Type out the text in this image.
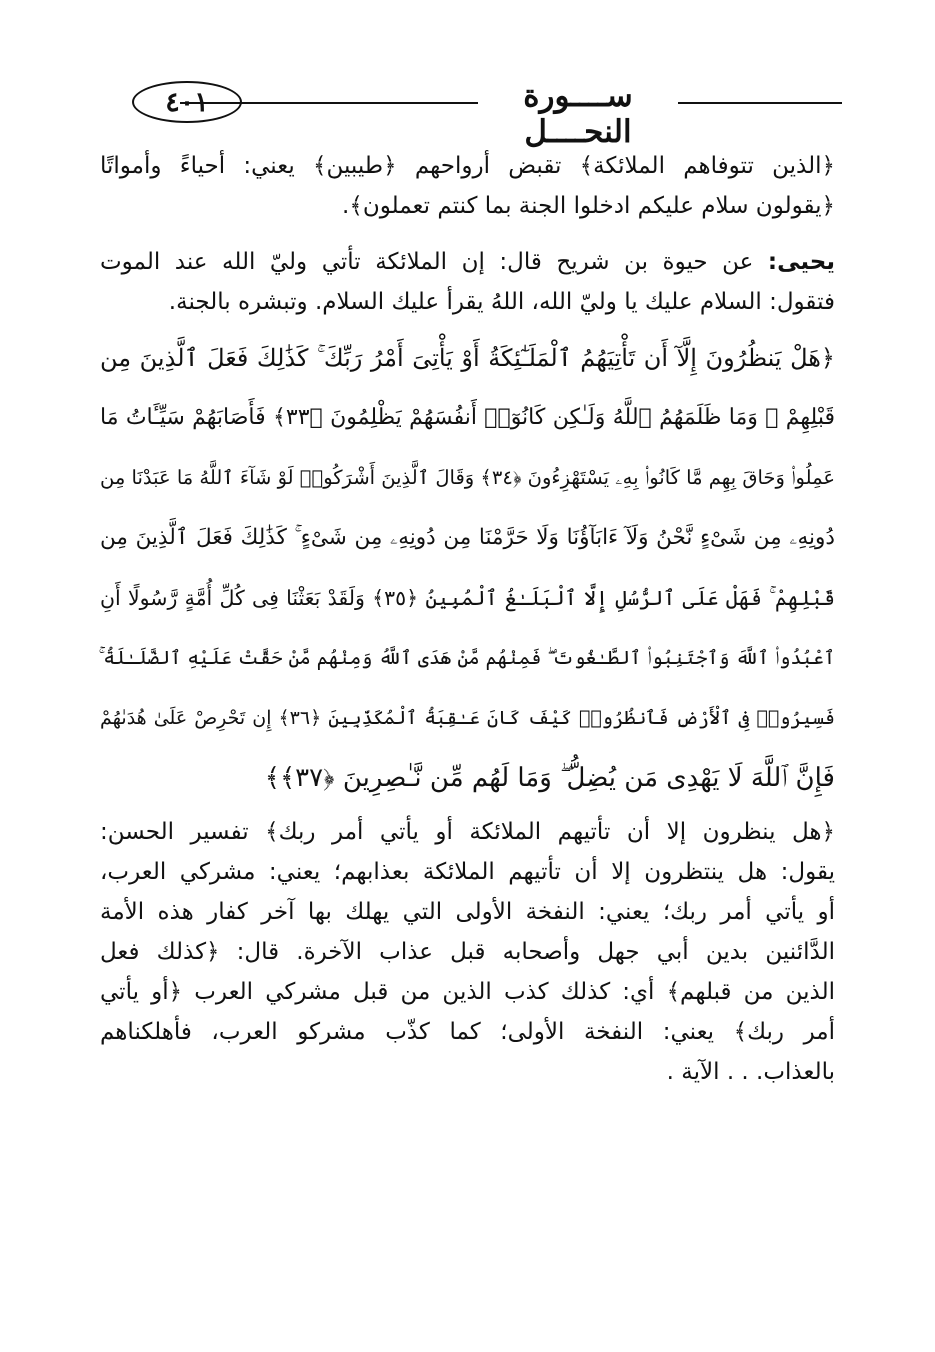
٤٠١	ســــورة النحــــل
﴿الذين تتوفاهم الملائكة﴾ تقبض أرواحهم ﴿طيبين﴾ يعني: أحياءً وأمواتًا
﴿يقولون سلام عليكم ادخلوا الجنة بما كنتم تعملون﴾.
يحيى: عن حيوة بن شريح قال: إن الملائكة تأتي وليّ الله عند الموت
فتقول: السلام عليك يا وليّ الله، اللهُ يقرأ عليك السلام. وتبشره بالجنة.
﴿هَلْ يَنظُرُونَ إِلَّآ أَن تَأْتِيَهُمُ ٱلْمَلَـٰٓئِكَةُ أَوْ يَأْتِىَ أَمْرُ رَبِّكَ ۚ كَذَٰلِكَ فَعَلَ ٱلَّذِينَ مِن
قَبْلِهِمْ ۚ وَمَا ظَلَمَهُمُ ٱللَّهُ وَلَـٰكِن كَانُوٓا۟ أَنفُسَهُمْ يَظْلِمُونَ ﴿٣٣﴾ فَأَصَابَهُمْ سَيِّـَٔاتُ مَا
عَمِلُوا۟ وَحَاقَ بِهِم مَّا كَانُوا۟ بِهِۦ يَسْتَهْزِءُونَ ﴿٣٤﴾ وَقَالَ ٱلَّذِينَ أَشْرَكُوا۟ لَوْ شَآءَ ٱللَّهُ مَا عَبَدْنَا مِن
دُونِهِۦ مِن شَىْءٍ نَّحْنُ وَلَآ ءَابَآؤُنَا وَلَا حَرَّمْنَا مِن دُونِهِۦ مِن شَىْءٍ ۚ كَذَٰلِكَ فَعَلَ ٱلَّذِينَ مِن
قَبْلِهِمْ ۚ فَهَلْ عَلَى ٱلرُّسُلِ إِلَّا ٱلْبَلَـٰغُ ٱلْمُبِينُ ﴿٣٥﴾ وَلَقَدْ بَعَثْنَا فِى كُلِّ أُمَّةٍ رَّسُولًا أَنِ
ٱعْبُدُوا۟ ٱللَّهَ وَٱجْتَنِبُوا۟ ٱلطَّـٰغُوتَ ۖ فَمِنْهُم مَّنْ هَدَى ٱللَّهُ وَمِنْهُم مَّنْ حَقَّتْ عَلَيْهِ ٱلضَّلَـٰلَةُ ۚ
فَسِيرُوا۟ فِى ٱلْأَرْضِ فَٱنظُرُوا۟ كَيْفَ كَانَ عَـٰقِبَةُ ٱلْمُكَذِّبِينَ ﴿٣٦﴾ إِن تَحْرِصْ عَلَىٰ هُدَىٰهُمْ
فَإِنَّ ٱللَّهَ لَا يَهْدِى مَن يُضِلُّ ۖ وَمَا لَهُم مِّن نَّـٰصِرِينَ ﴿٣٧﴾﴾
﴿هل ينظرون إلا أن تأتيهم الملائكة أو يأتي أمر ربك﴾ تفسير الحسن:
يقول: هل ينتظرون إلا أن تأتيهم الملائكة بعذابهم؛ يعني: مشركي العرب،
أو يأتي أمر ربك؛ يعني: النفخة الأولى التي يهلك بها آخر كفار هذه الأمة
الدَّائنين بدين أبي جهل وأصحابه قبل عذاب الآخرة. قال: ﴿كذلك فعل
الذين من قبلهم﴾ أي: كذلك كذب الذين من قبل مشركي العرب ﴿أو يأتي
أمر ربك﴾ يعني: النفخة الأولى؛ كما كذّب مشركو العرب، فأهلكناهم
بالعذاب. . . الآية .
